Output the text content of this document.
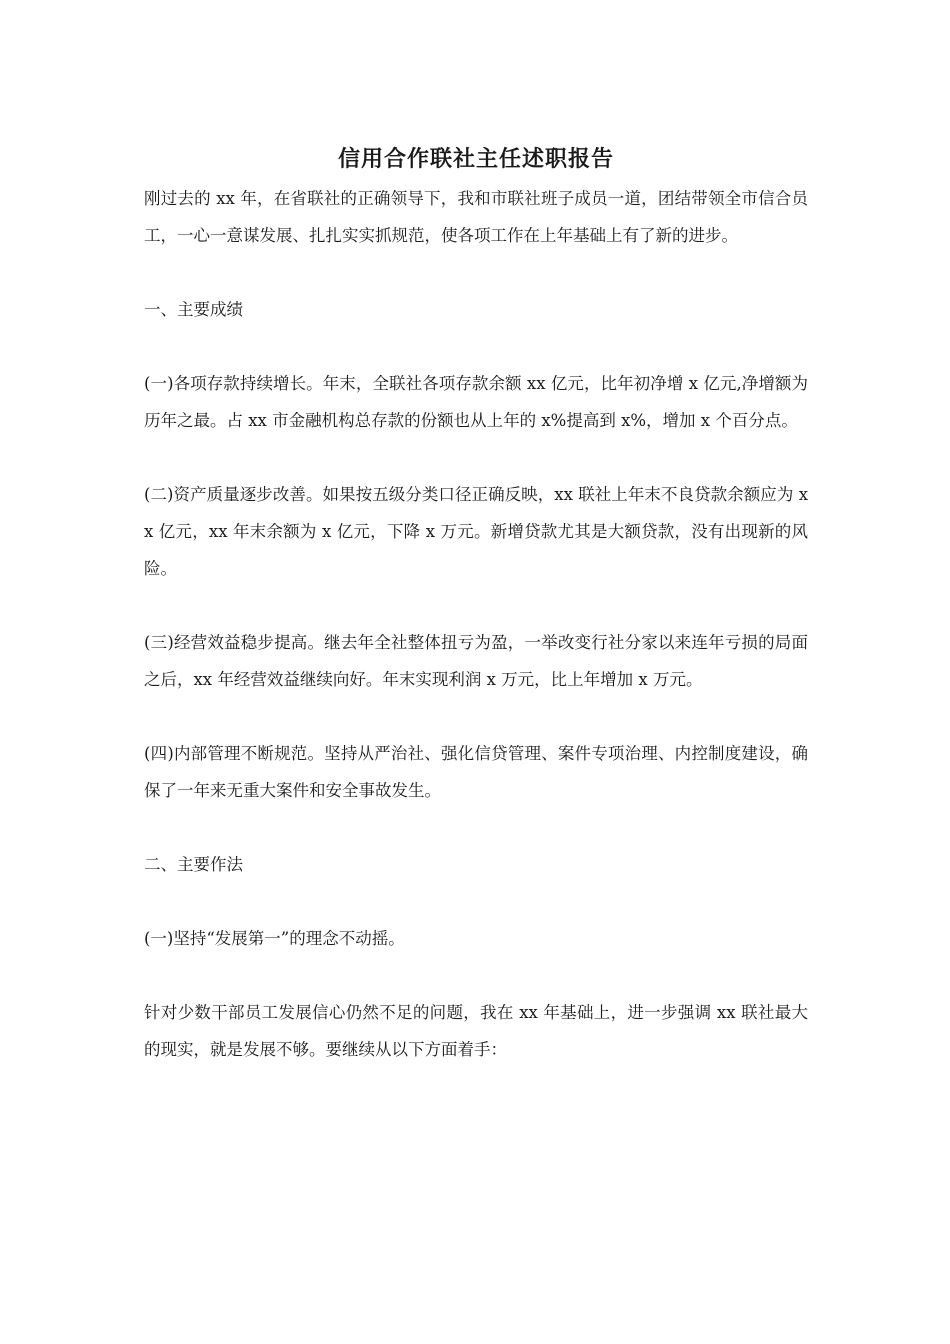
信用合作联社主任述职报告

刚过去的 xx 年，在省联社的正确领导下，我和市联社班子成员一道，团结带领全市信合员工，一心一意谋发展、扎扎实实抓规范，使各项工作在上年基础上有了新的进步。

一、主要成绩

(一)各项存款持续增长。年末，全联社各项存款余额 xx 亿元，比年初净增 x 亿元,净增额为历年之最。占 xx 市金融机构总存款的份额也从上年的 x%提高到 x%，增加 x 个百分点。

(二)资产质量逐步改善。如果按五级分类口径正确反映，xx 联社上年末不良贷款余额应为 xx 亿元，xx 年末余额为 x 亿元，下降 x 万元。新增贷款尤其是大额贷款，没有出现新的风险。

(三)经营效益稳步提高。继去年全社整体扭亏为盈，一举改变行社分家以来连年亏损的局面之后，xx 年经营效益继续向好。年末实现利润 x 万元，比上年增加 x 万元。

(四)内部管理不断规范。坚持从严治社、强化信贷管理、案件专项治理、内控制度建设，确保了一年来无重大案件和安全事故发生。

二、主要作法

(一)坚持“发展第一”的理念不动摇。

针对少数干部员工发展信心仍然不足的问题，我在 xx 年基础上，进一步强调 xx 联社最大的现实，就是发展不够。要继续从以下方面着手：
